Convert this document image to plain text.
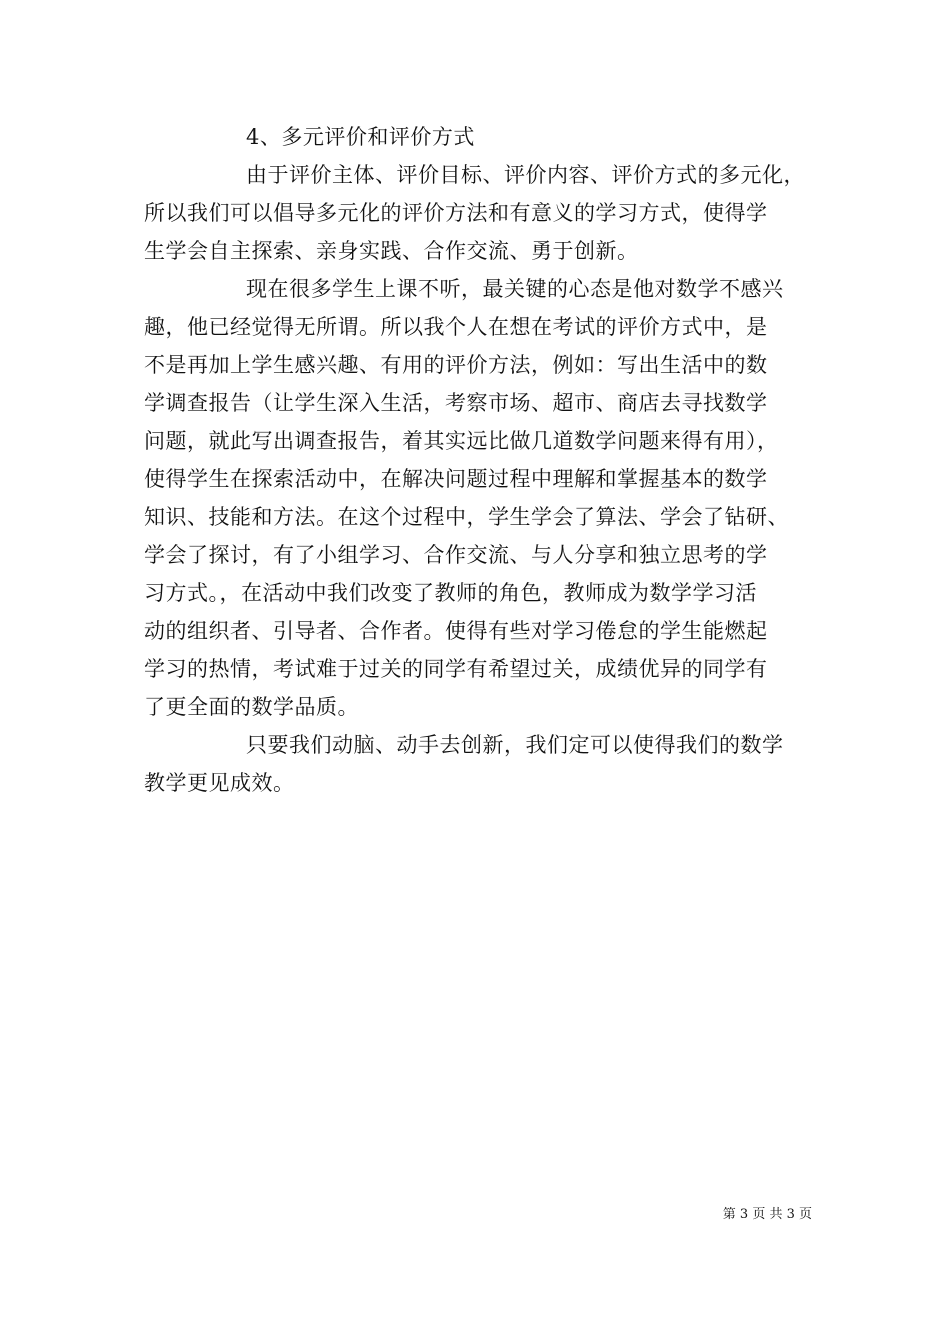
4、多元评价和评价方式
由于评价主体、评价目标、评价内容、评价方式的多元化，
所以我们可以倡导多元化的评价方法和有意义的学习方式，使得学
生学会自主探索、亲身实践、合作交流、勇于创新。
现在很多学生上课不听，最关键的心态是他对数学不感兴
趣，他已经觉得无所谓。所以我个人在想在考试的评价方式中，是
不是再加上学生感兴趣、有用的评价方法，例如：写出生活中的数
学调查报告（让学生深入生活，考察市场、超市、商店去寻找数学
问题，就此写出调查报告，着其实远比做几道数学问题来得有用），
使得学生在探索活动中，在解决问题过程中理解和掌握基本的数学
知识、技能和方法。在这个过程中，学生学会了算法、学会了钻研、
学会了探讨，有了小组学习、合作交流、与人分享和独立思考的学
习方式。，在活动中我们改变了教师的角色，教师成为数学学习活
动的组织者、引导者、合作者。使得有些对学习倦怠的学生能燃起
学习的热情，考试难于过关的同学有希望过关，成绩优异的同学有
了更全面的数学品质。
只要我们动脑、动手去创新，我们定可以使得我们的数学
教学更见成效。
第 3 页 共 3 页
